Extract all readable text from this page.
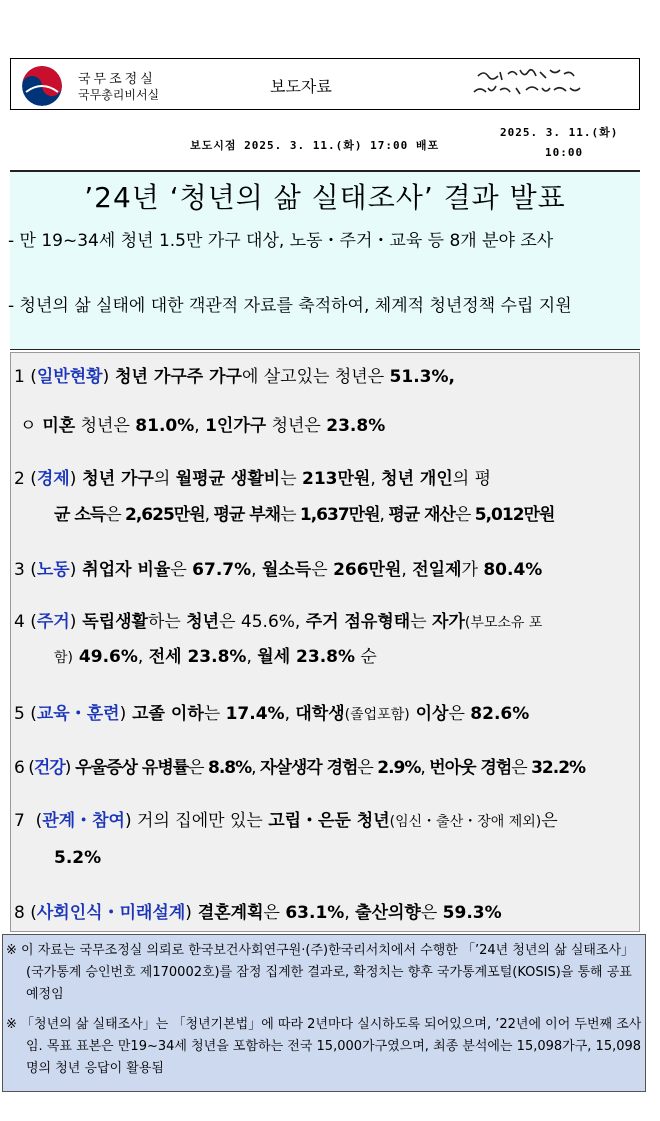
국무조정실
국무총리비서실	보도자료
보도시점 2025. 3. 11.(화) 17:00 배포
2025. 3. 11.(화)
10:00
’24년 ‘청년의 삶 실태조사’ 결과 발표
- 만 19~34세 청년 1.5만 가구 대상, 노동・주거・교육 등 8개 분야 조사
- 청년의 삶 실태에 대한 객관적 자료를 축적하여, 체계적 청년정책 수립 지원
1 (일반현황) 청년 가구주 가구에 살고있는 청년은 51.3%,
ㅇ 미혼 청년은 81.0%, 1인가구 청년은 23.8%
2 (경제) 청년 가구의 월평균 생활비는 213만원, 청년 개인의 평
균 소득은 2,625만원, 평균 부채는 1,637만원, 평균 재산은 5,012만원
3 (노동) 취업자 비율은 67.7%, 월소득은 266만원, 전일제가 80.4%
4 (주거) 독립생활하는 청년은 45.6%, 주거 점유형태는 자가(부모소유 포
함) 49.6%, 전세 23.8%, 월세 23.8% 순
5 (교육・훈련) 고졸 이하는 17.4%, 대학생(졸업포함) 이상은 82.6%
6 (건강) 우울증상 유병률은 8.8%, 자살생각 경험은 2.9%, 번아웃 경험은 32.2%
7 (관계・참여) 거의 집에만 있는 고립・은둔 청년(임신・출산・장애 제외)은
5.2%
8 (사회인식・미래설계) 결혼계획은 63.1%, 출산의향은 59.3%
※ 이 자료는 국무조정실 의뢰로 한국보건사회연구원·(주)한국리서치에서 수행한 「’24년 청년의 삶 실태조사」 (국가통계 승인번호 제170002호)를 잠정 집계한 결과로, 확정치는 향후 국가통계포털(KOSIS)을 통해 공표 예정임
※ 「청년의 삶 실태조사」는 「청년기본법」에 따라 2년마다 실시하도록 되어있으며, ’22년에 이어 두번째 조사임. 목표 표본은 만19~34세 청년을 포함하는 전국 15,000가구였으며, 최종 분석에는 15,098가구, 15,098명의 청년 응답이 활용됨
